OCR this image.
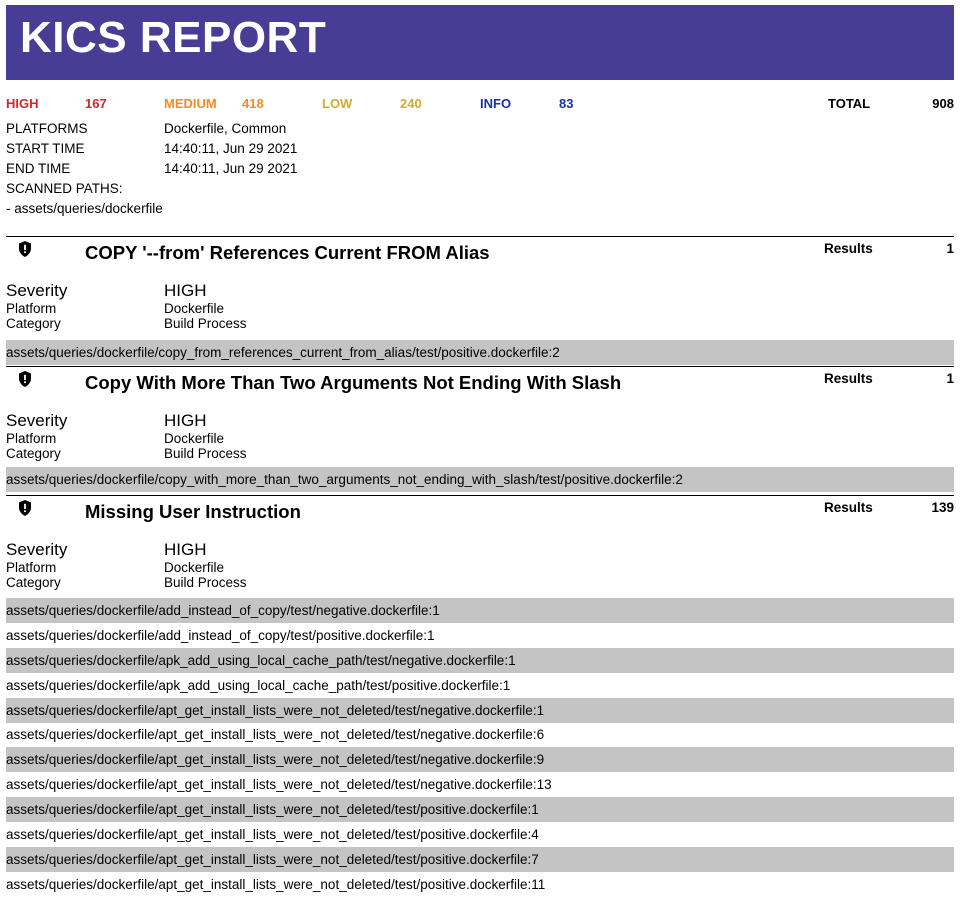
KICS REPORT
HIGH	167	MEDIUM 418	LOW	240	INFO	83	TOTAL	908
PLATFORMS	Dockerfile, Common
START TIME	14:40:11, Jun 29 2021
END TIME	14:40:11, Jun 29 2021
SCANNED PATHS:
- assets/queries/dockerfile
COPY '--from' References Current FROM Alias	Results	1
Severity	HIGH
Platform	Dockerfile
Category	Build Process
assets/queries/dockerfile/copy_from_references_current_from_alias/test/positive.dockerfile:2
Copy With More Than Two Arguments Not Ending With Slash	Results	1
Severity	HIGH
Platform	Dockerfile
Category	Build Process
assets/queries/dockerfile/copy_with_more_than_two_arguments_not_ending_with_slash/test/positive.dockerfile:2
Missing User Instruction	Results	139
Severity	HIGH
Platform	Dockerfile
Category	Build Process
assets/queries/dockerfile/add_instead_of_copy/test/negative.dockerfile:1
assets/queries/dockerfile/add_instead_of_copy/test/positive.dockerfile:1
assets/queries/dockerfile/apk_add_using_local_cache_path/test/negative.dockerfile:1
assets/queries/dockerfile/apk_add_using_local_cache_path/test/positive.dockerfile:1
assets/queries/dockerfile/apt_get_install_lists_were_not_deleted/test/negative.dockerfile:1
assets/queries/dockerfile/apt_get_install_lists_were_not_deleted/test/negative.dockerfile:6
assets/queries/dockerfile/apt_get_install_lists_were_not_deleted/test/negative.dockerfile:9
assets/queries/dockerfile/apt_get_install_lists_were_not_deleted/test/negative.dockerfile:13
assets/queries/dockerfile/apt_get_install_lists_were_not_deleted/test/positive.dockerfile:1
assets/queries/dockerfile/apt_get_install_lists_were_not_deleted/test/positive.dockerfile:4
assets/queries/dockerfile/apt_get_install_lists_were_not_deleted/test/positive.dockerfile:7
assets/queries/dockerfile/apt_get_install_lists_were_not_deleted/test/positive.dockerfile:11
